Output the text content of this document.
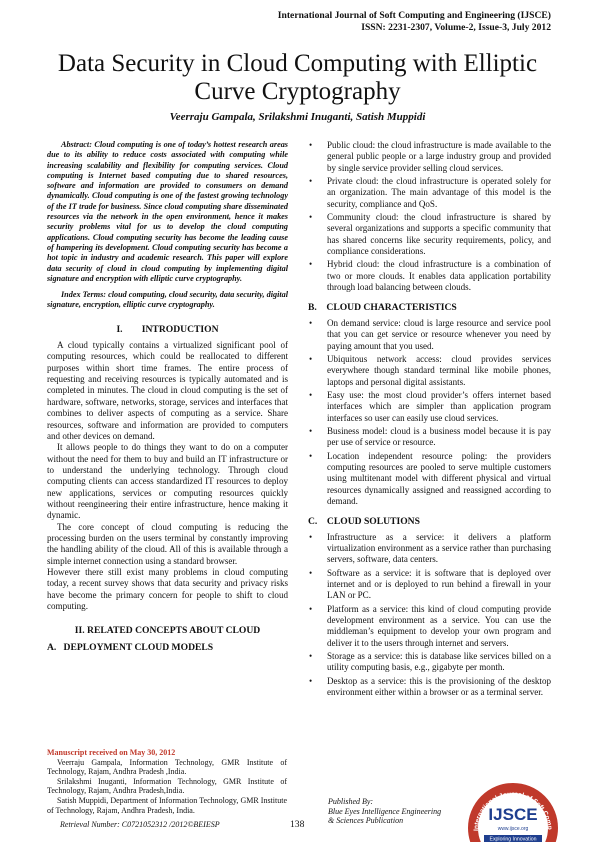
International Journal of Soft Computing and Engineering (IJSCE)
ISSN: 2231-2307, Volume-2, Issue-3, July 2012
Data Security in Cloud Computing with Elliptic
Curve Cryptography
Veerraju Gampala, Srilakshmi Inuganti, Satish Muppidi

Abstract: Cloud computing is one of today’s hottest research areas due to its ability to reduce costs associated with computing while increasing scalability and flexibility for computing services. Cloud computing is Internet based computing due to shared resources, software and information are provided to consumers on demand dynamically. Cloud computing is one of the fastest growing technology of the IT trade for business. Since cloud computing share disseminated resources via the network in the open environment, hence it makes security problems vital for us to develop the cloud computing applications. Cloud computing security has become the leading cause of hampering its development. Cloud computing security has become a hot topic in industry and academic research. This paper will explore data security of cloud in cloud computing by implementing digital signature and encryption with elliptic curve cryptography.

Index Terms: cloud computing, cloud security, data security, digital signature, encryption, elliptic curve cryptography.

I.        INTRODUCTION

A cloud typically contains a virtualized significant pool of computing resources, which could be reallocated to different purposes within short time frames. The entire process of requesting and receiving resources is typically automated and is completed in minutes. The cloud in cloud computing is the set of hardware, software, networks, storage, services and interfaces that combines to deliver aspects of computing as a service. Share resources, software and information are provided to computers and other devices on demand.

It allows people to do things they want to do on a computer without the need for them to buy and build an IT infrastructure or to understand the underlying technology. Through cloud computing clients can access standardized IT resources to deploy new applications, services or computing resources quickly without reengineering their entire infrastructure, hence making it dynamic.

The core concept of cloud computing is reducing the processing burden on the users terminal by constantly improving the handling ability of the cloud. All of this is available through a simple internet connection using a standard browser.

However there still exist many problems in cloud computing today, a recent survey shows that data security and privacy risks have become the primary concern for people to shift to cloud computing.

II. RELATED CONCEPTS ABOUT CLOUD
A.   DEPLOYMENT CLOUD MODELS
• Public cloud: the cloud infrastructure is made available to the general public people or a large industry group and provided by single service provider selling cloud services.
• Private cloud: the cloud infrastructure is operated solely for an organization. The main advantage of this model is the security, compliance and QoS.
• Community cloud: the cloud infrastructure is shared by several organizations and supports a specific community that has shared concerns like security requirements, policy, and compliance considerations.
• Hybrid cloud: the cloud infrastructure is a combination of two or more clouds. It enables data application portability through load balancing between clouds.
B.    CLOUD CHARACTERISTICS
• On demand service: cloud is large resource and service pool that you can get service or resource whenever you need by paying amount that you used.
• Ubiquitous network access: cloud provides services everywhere though standard terminal like mobile phones, laptops and personal digital assistants.
• Easy use: the most cloud provider’s offers internet based interfaces which are simpler than application program interfaces so user can easily use cloud services.
• Business model: cloud is a business model because it is pay per use of service or resource.
• Location independent resource poling: the providers computing resources are pooled to serve multiple customers using multitenant model with different physical and virtual resources dynamically assigned and reassigned according to demand.
C.    CLOUD SOLUTIONS
• Infrastructure as a service: it delivers a platform virtualization environment as a service rather than purchasing servers, software, data centers.
• Software as a service: it is software that is deployed over internet and or is deployed to run behind a firewall in your LAN or PC.
• Platform as a service: this kind of cloud computing provide development environment as a service. You can use the middleman’s equipment to develop your own program and deliver it to the users through internet and servers.
• Storage as a service: this is database like services billed on a utility computing basis, e.g., gigabyte per month.
• Desktop as a service: this is the provisioning of the desktop environment either within a browser or as a terminal server.
Manuscript received on May 30, 2012

Veerraju Gampala, Information Technology, GMR Institute of Technology, Rajam, Andhra Pradesh ,India.

Srilakshmi Inuganti, Information Technology, GMR Institute of Technology, Rajam, Andhra Pradesh,India.

Satish Muppidi, Department of Information Technology, GMR Institute of Technology, Rajam, Andhra Pradesh, India.

Retrieval Number: C0721052312 /2012©BEIESP	138
Published By:
Blue Eyes Intelligence Engineering
& Sciences Publication
International Journal of Soft Comp
IJSCE
www.ijsce.org
Exploring Innovation
